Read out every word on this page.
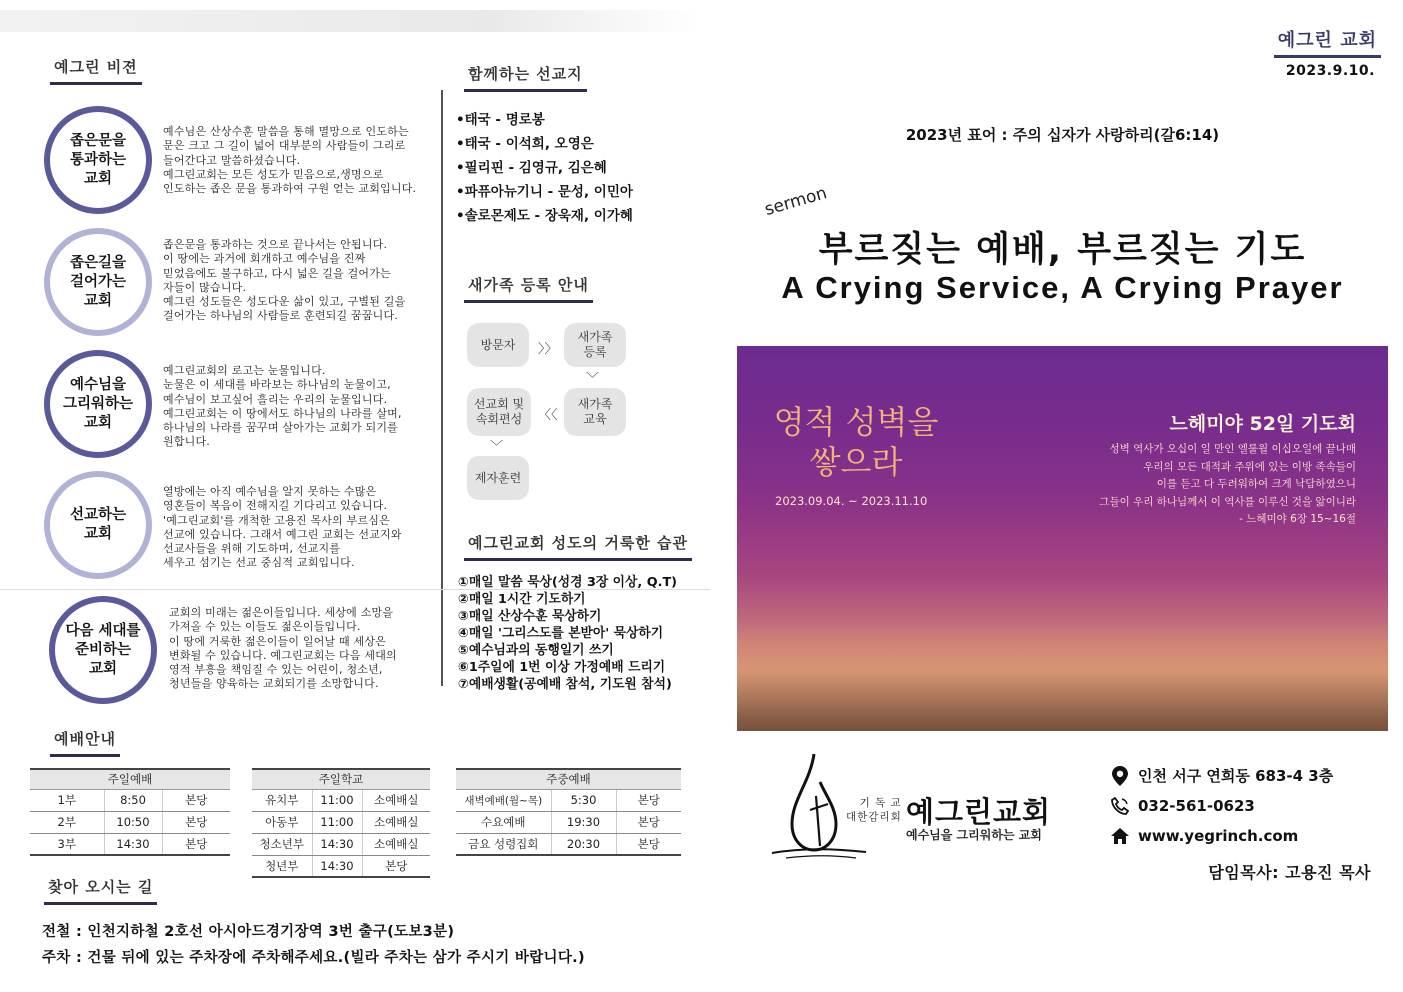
예그린 비젼
좁은문을
통과하는
교회
예수님은 산상수훈 말씀을 통해 멸망으로 인도하는
문은 크고 그 길이 넓어 대부분의 사람들이 그리로
들어간다고 말씀하셨습니다.
예그린교회는 모든 성도가 믿음으로,생명으로
인도하는 좁은 문을 통과하여 구원 얻는 교회입니다.
좁은길을
걸어가는
교회
좁은문을 통과하는 것으로 끝나서는 안됩니다.
이 땅에는 과거에 회개하고 예수님을 진짜
믿었음에도 불구하고, 다시 넓은 길을 걸어가는
자들이 많습니다.
예그린 성도들은 성도다운 삶이 있고, 구별된 길을
걸어가는 하나님의 사람들로 훈련되길 꿈꿉니다.
예수님을
그리워하는
교회
예그린교회의 로고는 눈물입니다.
눈물은 이 세대를 바라보는 하나님의 눈물이고,
예수님이 보고싶어 흘리는 우리의 눈물입니다.
예그린교회는 이 땅에서도 하나님의 나라를 살며,
하나님의 나라를 꿈꾸며 살아가는 교회가 되기를
원합니다.
선교하는
교회
열방에는 아직 예수님을 알지 못하는 수많은
영혼들이 복음이 전해지길 기다리고 있습니다.
'예그린교회'를 개척한 고용진 목사의 부르심은
선교에 있습니다. 그래서 예그린 교회는 선교지와
선교사들을 위해 기도하며, 선교지를
세우고 섬기는 선교 중심적 교회입니다.
다음 세대를
준비하는
교회
교회의 미래는 젊은이들입니다. 세상에 소망을
가져올 수 있는 이들도 젊은이들입니다.
이 땅에 거룩한 젊은이들이 일어날 때 세상은
변화될 수 있습니다. 예그린교회는 다음 세대의
영적 부흥을 책임질 수 있는 어린이, 청소년,
청년들을 양육하는 교회되기를 소망합니다.
함께하는 선교지
•태국 - 명로봉
•태국 - 이석희, 오영은
•필리핀 - 김영규, 김은혜
•파퓨아뉴기니 - 문성, 이민아
•솔로몬제도 - 장욱재, 이가혜
새가족 등록 안내
방문자	〉〉
새가족
등록
﹀
새가족
교육
〈〈
선교회 및
속회편성
﹀
제자훈련
예그린교회 성도의 거룩한 습관
①매일 말씀 묵상(성경 3장 이상, Q.T)
②매일 1시간 기도하기
③매일 산상수훈 묵상하기
④매일 '그리스도를 본받아' 묵상하기
⑤예수님과의 동행일기 쓰기
⑥1주일에 1번 이상 가정예배 드리기
⑦예배생활(공예배 참석, 기도원 참석)
예배안내
주일예배		
1부	8:50	본당
2부	10:50	본당
3부	14:30	본당
주일학교		
유치부	11:00	소예배실
아동부	11:00	소예배실
청소년부	14:30	소예배실
청년부	14:30	본당
주중예배		
새벽예배(월~목)	5:30	본당
수요예배	19:30	본당
금요 성령집회	20:30	본당
찾아 오시는 길
전철 : 인천지하철 2호선 아시아드경기장역 3번 출구(도보3분)
주차 : 건물 뒤에 있는 주차장에 주차해주세요.(빌라 주차는 삼가 주시기 바랍니다.)
예그린 교회
2023.9.10.
2023년 표어 : 주의 십자가 사랑하리(갈6:14)
sermon
부르짖는 예배, 부르짖는 기도
A Crying Service, A Crying Prayer
영적 성벽을
쌓으라
2023.09.04. ~ 2023.11.10
느헤미야 52일 기도회
성벽 역사가 오십이 일 만인 엘룰월 이십오일에 끝나매
우리의 모든 대적과 주위에 있는 이방 족속들이
이를 듣고 다 두려워하여 크게 낙담하였으니
그들이 우리 하나님께서 이 역사를 이루신 것을 앎이니라
- 느헤미야 6장 15~16절
기 독 교
대한감리회 예그린교회
예수님을 그리워하는 교회
인천 서구 연희동 683-4 3층
032-561-0623
www.yegrinch.com
담임목사: 고용진 목사
